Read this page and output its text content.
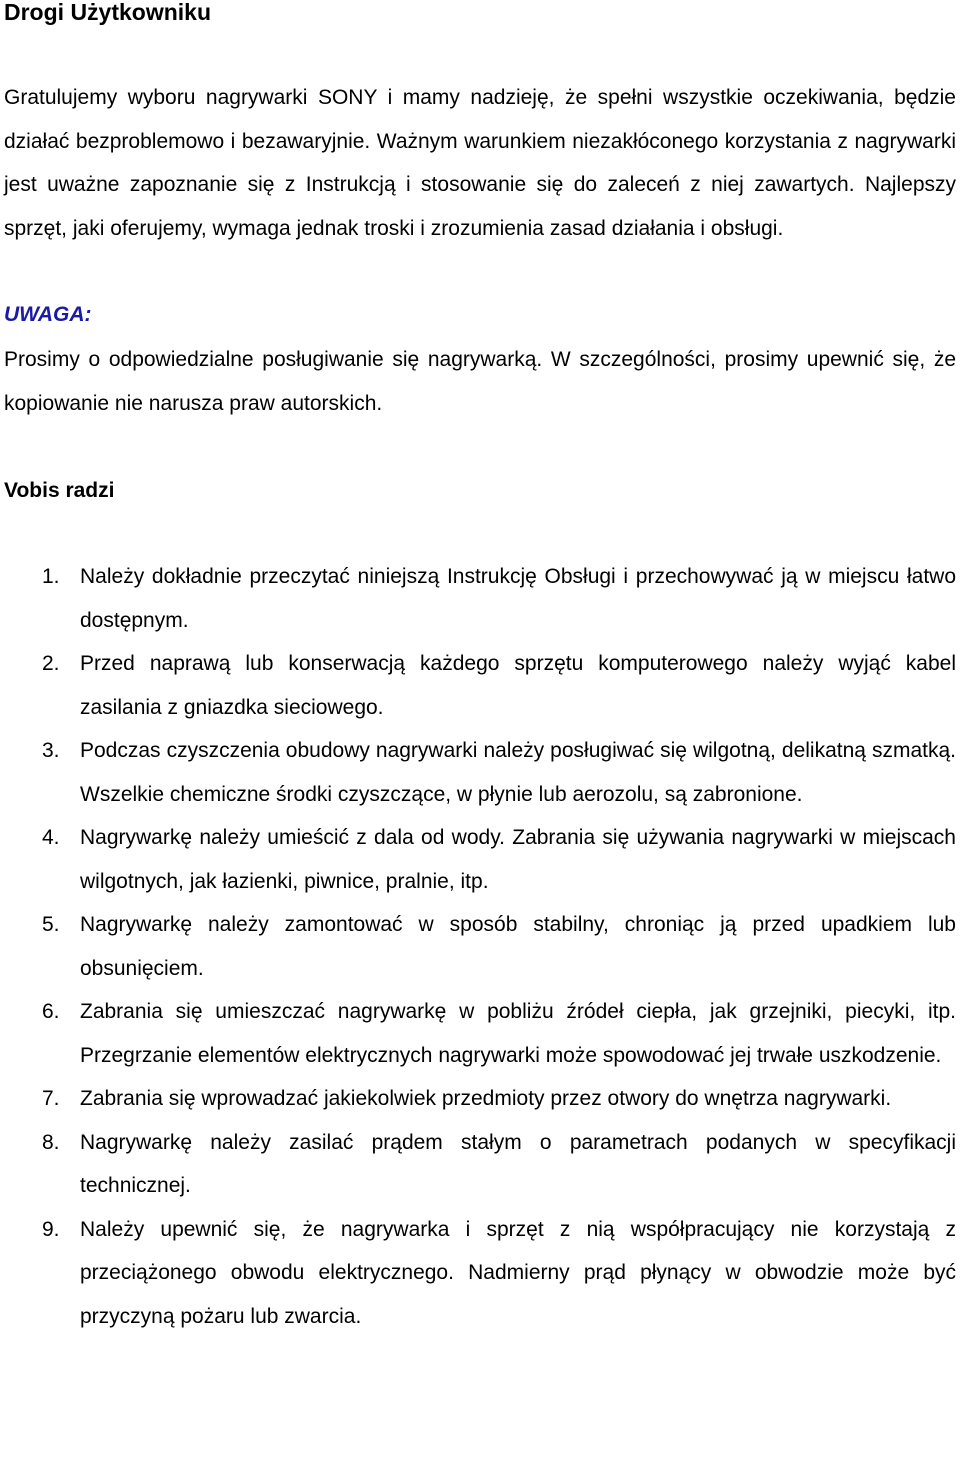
Drogi Użytkowniku

Gratulujemy wyboru nagrywarki SONY i mamy nadzieję, że spełni wszystkie oczekiwania, będzie działać bezproblemowo i bezawaryjnie. Ważnym warunkiem niezakłóconego korzystania z nagrywarki jest uważne zapoznanie się z Instrukcją i stosowanie się do zaleceń z niej zawartych. Najlepszy sprzęt, jaki oferujemy, wymaga jednak troski i zrozumienia zasad działania i obsługi.

UWAGA:

Prosimy o odpowiedzialne posługiwanie się nagrywarką. W szczególności, prosimy upewnić się, że kopiowanie nie narusza praw autorskich.

Vobis radzi
1. Należy dokładnie przeczytać niniejszą Instrukcję Obsługi i przechowywać ją w miejscu łatwo dostępnym.
2. Przed naprawą lub konserwacją każdego sprzętu komputerowego należy wyjąć kabel zasilania z gniazdka sieciowego.
3. Podczas czyszczenia obudowy nagrywarki należy posługiwać się wilgotną, delikatną szmatką. Wszelkie chemiczne środki czyszczące, w płynie lub aerozolu, są zabronione.
4. Nagrywarkę należy umieścić z dala od wody. Zabrania się używania nagrywarki w miejscach wilgotnych, jak łazienki, piwnice, pralnie, itp.
5. Nagrywarkę należy zamontować w sposób stabilny, chroniąc ją przed upadkiem lub obsunięciem.
6. Zabrania się umieszczać nagrywarkę w pobliżu źródeł ciepła, jak grzejniki, piecyki, itp. Przegrzanie elementów elektrycznych nagrywarki może spowodować jej trwałe uszkodzenie.
7. Zabrania się wprowadzać jakiekolwiek przedmioty przez otwory do wnętrza nagrywarki.
8. Nagrywarkę należy zasilać prądem stałym o parametrach podanych w specyfikacji technicznej.
9. Należy upewnić się, że nagrywarka i sprzęt z nią współpracujący nie korzystają z przeciążonego obwodu elektrycznego. Nadmierny prąd płynący w obwodzie może być przyczyną pożaru lub zwarcia.
